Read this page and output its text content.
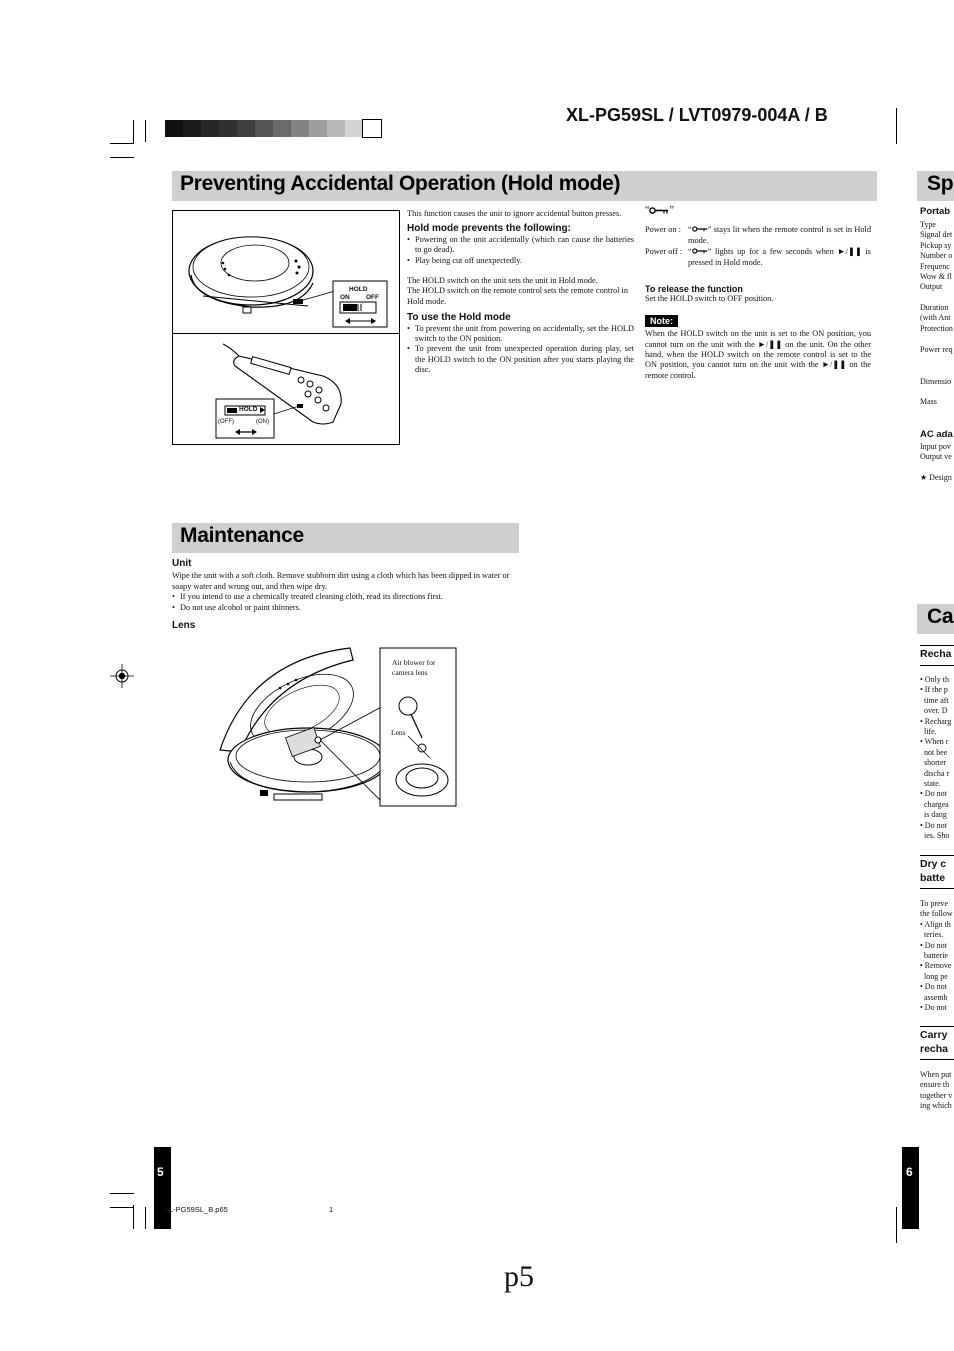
XL-PG59SL / LVT0979-004A / B
Preventing Accidental Operation (Hold mode)
HOLD
ON	OFF
HOLD
(OFF)	(ON)
This function causes the unit to ignore accidental button presses.
Hold mode prevents the following:
• Powering on the unit accidentally (which can cause the batteries to go dead).
• Play being cut off unexpectedly.
The HOLD switch on the unit sets the unit in Hold mode.
The HOLD switch on the remote control sets the remote control in Hold mode.
To use the Hold mode
• To prevent the unit from powering on accidentally, set the HOLD switch to the ON position.
• To prevent the unit from unexpected operation during play, set the HOLD switch to the ON position after you starts playing the disc.
“ ”
Power on : “ ” stays lit when the remote control is set in Hold mode.
Power off : “ ” lights up for a few seconds when ►/❚❚ is pressed in Hold mode.
To release the function
Set the HOLD switch to OFF position.
Note:
When the HOLD switch on the unit is set to the ON position, you cannot turn on the unit with the ►/❚❚ on the unit. On the other hand, when the HOLD switch on the remote control is set to the ON position, you cannot turn on the unit with the ►/❚❚ on the remote control.
Maintenance
Unit
Wipe the unit with a soft cloth. Remove stubborn dirt using a cloth which has been dipped in water or soapy water and wrung out, and then wipe dry.
• If you intend to use a chemically treated cleaning cloth, read its directions first.
• Do not use alcohol or paint thinners.
Lens
Air blower for camera lens
Lens
Sp
Ca
Portab
Type
Signal det
Pickup sy
Number o
Frequenc
Wow & fl
Output
Duration
(with Ant
Protection
Power req
Dimensio
Mass
AC ada
Input pov
Output ve
★ Design
Recha
• Only th
• If the p
time aft
over. D
• Recharg
life.
• When r
not bee
shorter
discha r
state.
• Do not
chargea
is dang
• Do not
ies. Sho
Dry c
batte
To preve
the follow
• Align th
teries.
• Do not
batterie
• Remove
long pe
• Do not
assemb
• Do not
Carry
recha
When put
ensure th
together v
ing which
5	6
XL-PG59SL_B.p65	1
p5
